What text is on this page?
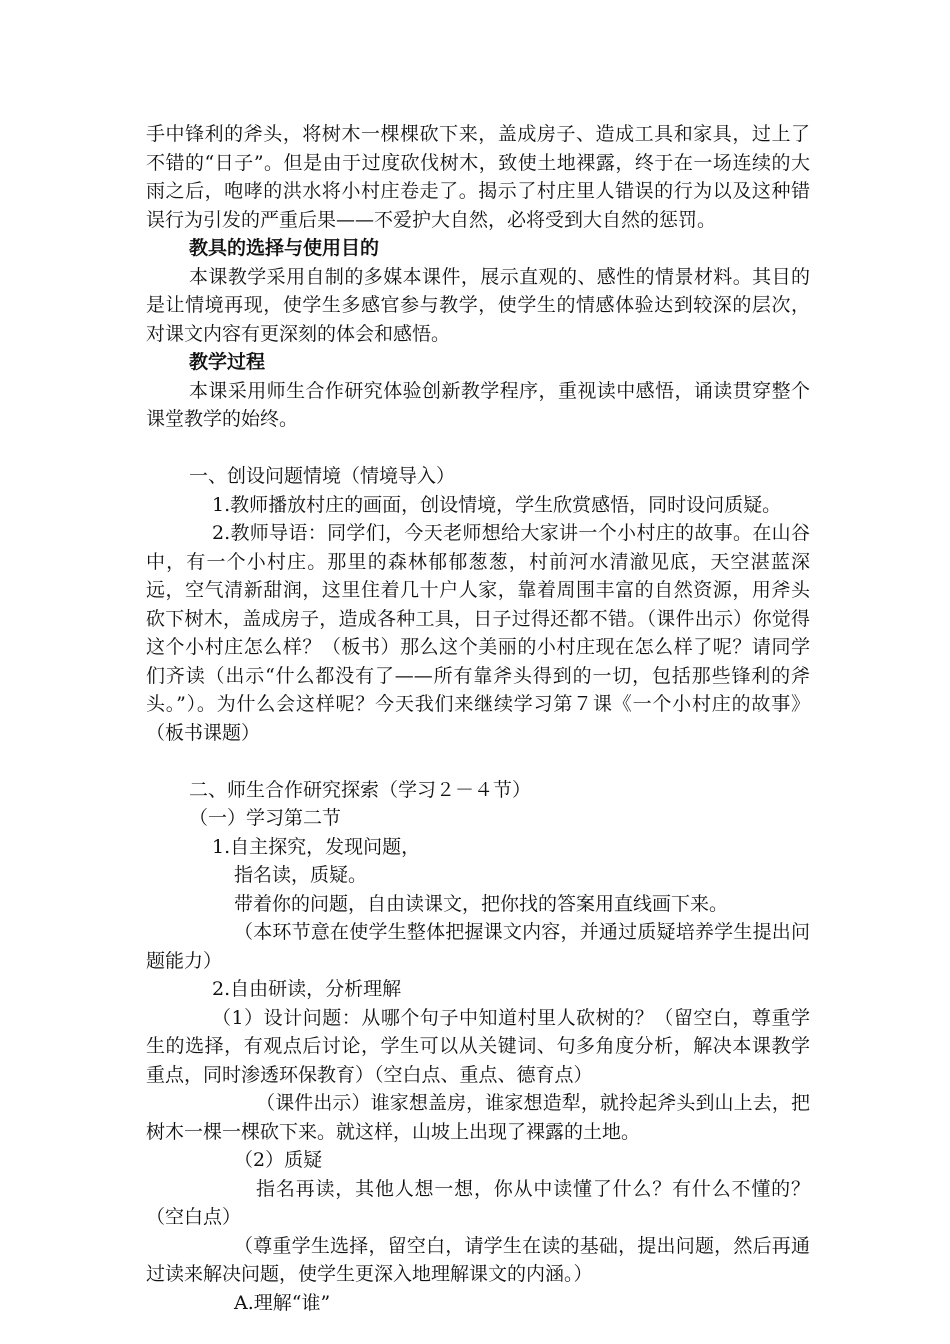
手中锋利的斧头，将树木一棵棵砍下来，盖成房子、造成工具和家具，过上了不错的“日子”。但是由于过度砍伐树木，致使土地裸露，终于在一场连续的大雨之后，咆哮的洪水将小村庄卷走了。揭示了村庄里人错误的行为以及这种错误行为引发的严重后果——不爱护大自然，必将受到大自然的惩罚。

教具的选择与使用目的

本课教学采用自制的多媒本课件，展示直观的、感性的情景材料。其目的是让情境再现，使学生多感官参与教学，使学生的情感体验达到较深的层次，对课文内容有更深刻的体会和感悟。

教学过程

本课采用师生合作研究体验创新教学程序，重视读中感悟，诵读贯穿整个课堂教学的始终。

一、创设问题情境（情境导入）

1.教师播放村庄的画面，创设情境，学生欣赏感悟，同时设问质疑。

2.教师导语：同学们，今天老师想给大家讲一个小村庄的故事。在山谷中，有一个小村庄。那里的森林郁郁葱葱，村前河水清澈见底，天空湛蓝深远，空气清新甜润，这里住着几十户人家，靠着周围丰富的自然资源，用斧头砍下树木，盖成房子，造成各种工具，日子过得还都不错。（课件出示）你觉得这个小村庄怎么样？（板书）那么这个美丽的小村庄现在怎么样了呢？请同学们齐读（出示“什么都没有了——所有靠斧头得到的一切，包括那些锋利的斧头。”）。为什么会这样呢？今天我们来继续学习第７课《一个小村庄的故事》（板书课题）

二、师生合作研究探索（学习２－４节）

（一）学习第二节

1.自主探究，发现问题，

指名读，质疑。

带着你的问题，自由读课文，把你找的答案用直线画下来。

（本环节意在使学生整体把握课文内容，并通过质疑培养学生提出问题能力）

2.自由研读，分析理解

（1）设计问题：从哪个句子中知道村里人砍树的？（留空白，尊重学生的选择，有观点后讨论，学生可以从关键词、句多角度分析，解决本课教学重点，同时渗透环保教育）（空白点、重点、德育点）

（课件出示）谁家想盖房，谁家想造犁，就拎起斧头到山上去，把树木一棵一棵砍下来。就这样，山坡上出现了裸露的土地。

（2）质疑

指名再读，其他人想一想，你从中读懂了什么？有什么不懂的？（空白点）

（尊重学生选择，留空白，请学生在读的基础，提出问题，然后再通过读来解决问题，使学生更深入地理解课文的内涵。）

A.理解“谁”
